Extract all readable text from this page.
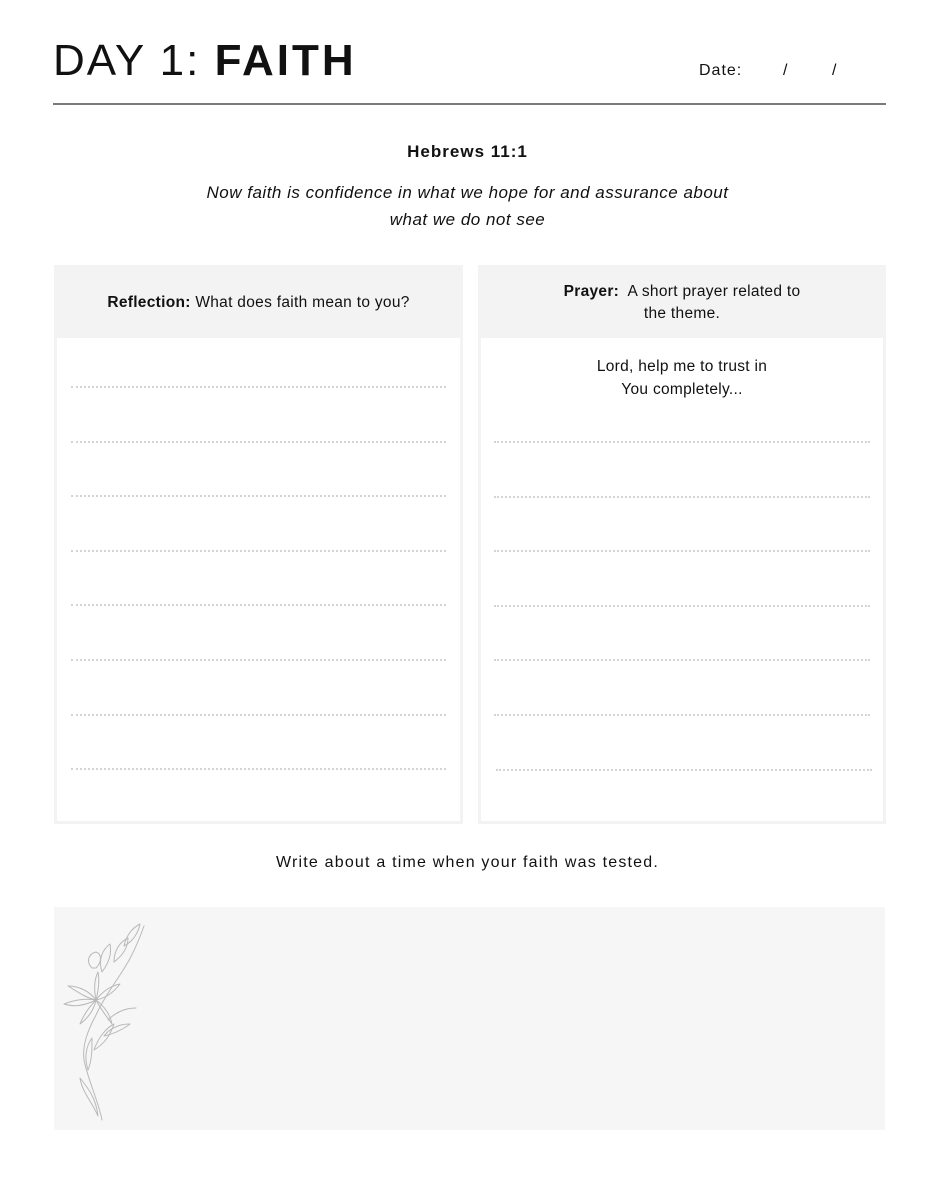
DAY 1: FAITH	Date:	/	/
Hebrews 11:1
Now faith is confidence in what we hope for and assurance about
what we do not see
Reflection: What does faith mean to you?
Prayer: A short prayer related to
the theme.
Lord, help me to trust in
You completely...
Write about a time when your faith was tested.
